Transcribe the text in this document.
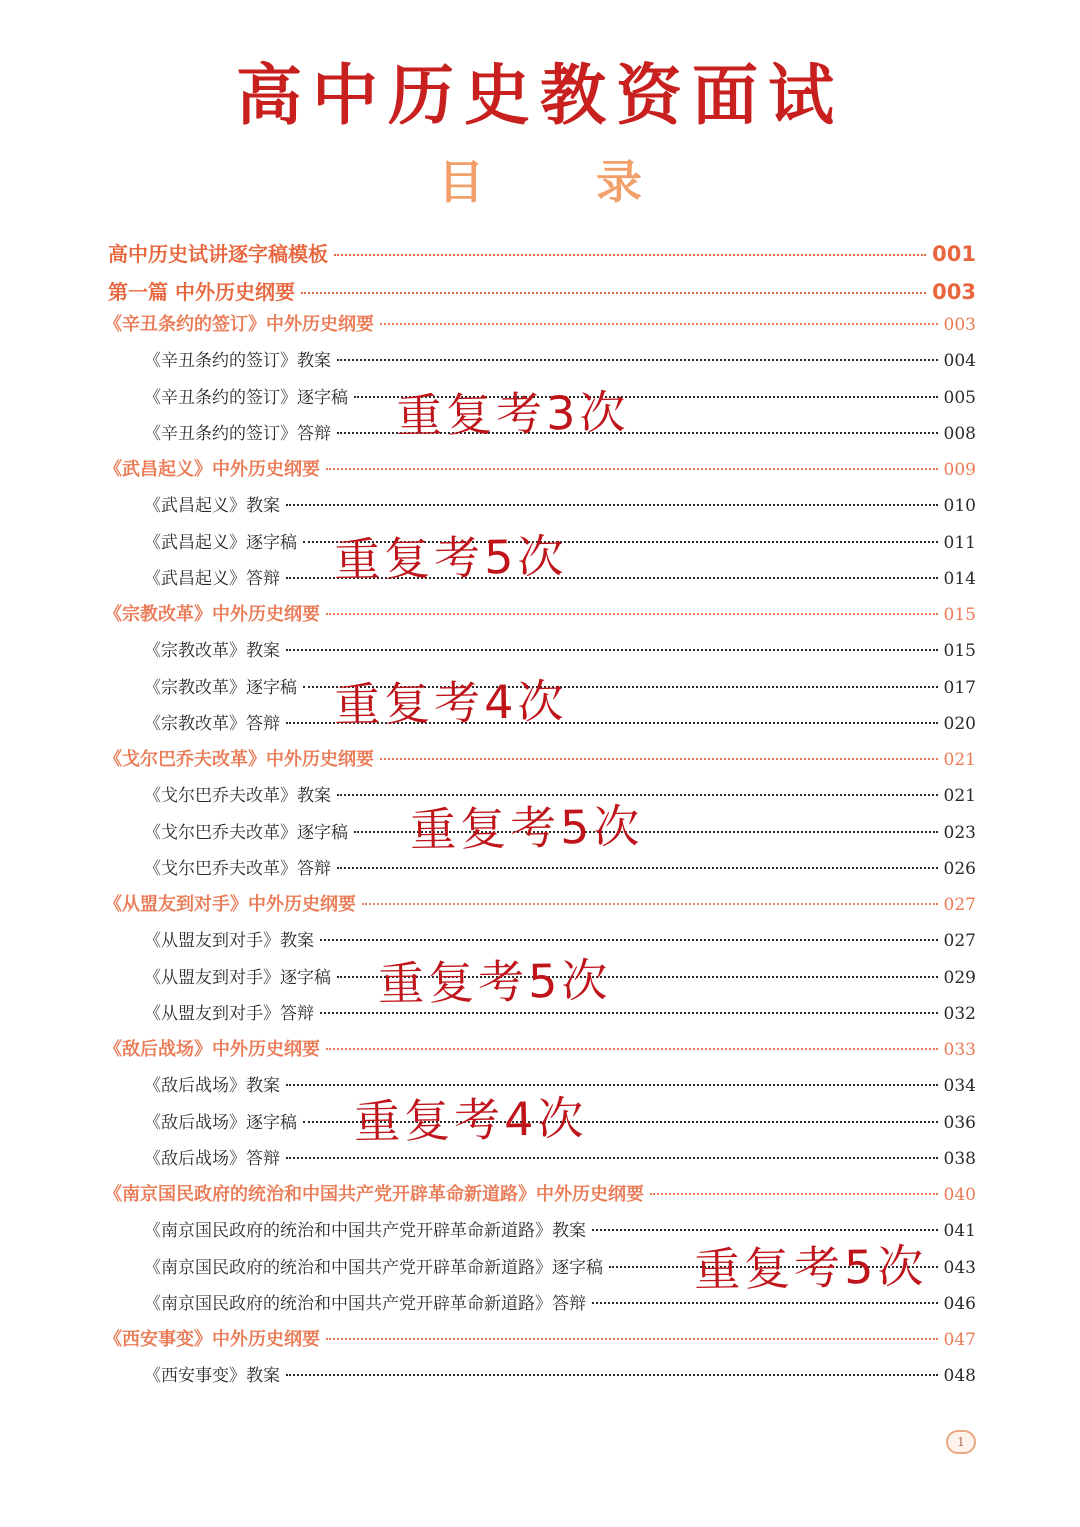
高中历史教资面试
目 录
高中历史试讲逐字稿模板	001
第一篇 中外历史纲要	003
《辛丑条约的签订》中外历史纲要	003
《辛丑条约的签订》教案	004
《辛丑条约的签订》逐字稿	005
《辛丑条约的签订》答辩	008
《武昌起义》中外历史纲要	009
《武昌起义》教案	010
《武昌起义》逐字稿	011
《武昌起义》答辩	014
《宗教改革》中外历史纲要	015
《宗教改革》教案	015
《宗教改革》逐字稿	017
《宗教改革》答辩	020
《戈尔巴乔夫改革》中外历史纲要	021
《戈尔巴乔夫改革》教案	021
《戈尔巴乔夫改革》逐字稿	023
《戈尔巴乔夫改革》答辩	026
《从盟友到对手》中外历史纲要	027
《从盟友到对手》教案	027
《从盟友到对手》逐字稿	029
《从盟友到对手》答辩	032
《敌后战场》中外历史纲要	033
《敌后战场》教案	034
《敌后战场》逐字稿	036
《敌后战场》答辩	038
《南京国民政府的统治和中国共产党开辟革命新道路》中外历史纲要	040
《南京国民政府的统治和中国共产党开辟革命新道路》教案	041
《南京国民政府的统治和中国共产党开辟革命新道路》逐字稿	043
《南京国民政府的统治和中国共产党开辟革命新道路》答辩	046
《西安事变》中外历史纲要	047
《西安事变》教案	048
重复考3次
重复考5次
重复考4次
重复考5次
重复考5次
重复考4次
重复考5次
1
